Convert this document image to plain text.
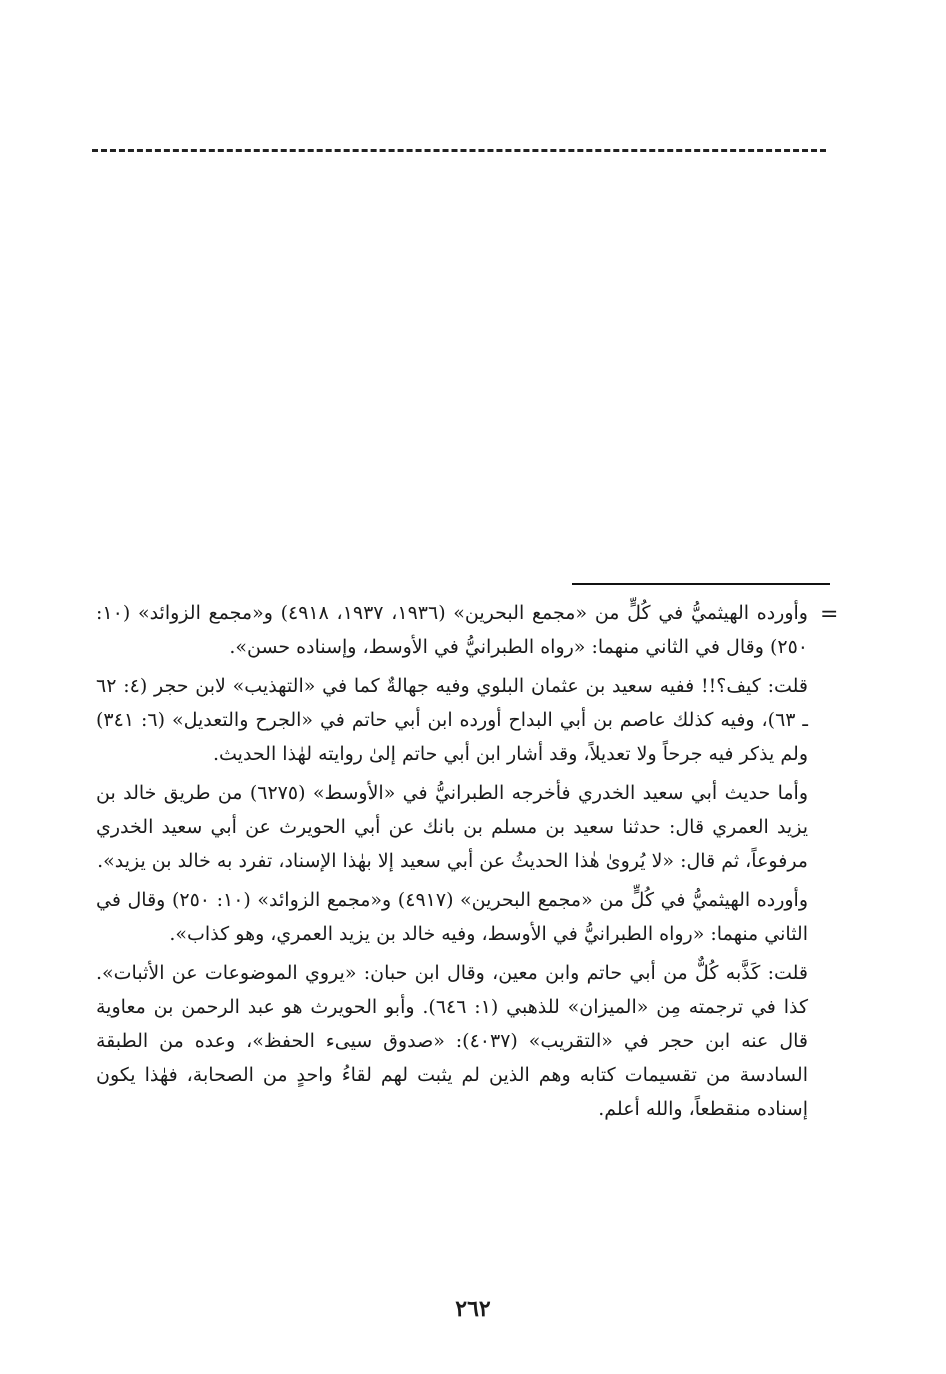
=

وأورده الهيثميُّ في كُلٍّ من «مجمع البحرين» (١٩٣٦، ١٩٣٧، ٤٩١٨) و«مجمع الزوائد» (١٠: ٢٥٠) وقال في الثاني منهما: «رواه الطبرانيُّ في الأوسط، وإسناده حسن».

قلت: كيف؟!! ففيه سعيد بن عثمان البلوي وفيه جهالةٌ كما في «التهذيب» لابن حجر (٤: ٦٢ ـ ٦٣)، وفيه كذلك عاصم بن أبي البداح أورده ابن أبي حاتم في «الجرح والتعديل» (٦: ٣٤١) ولم يذكر فيه جرحاً ولا تعديلاً، وقد أشار ابن أبي حاتم إلىٰ روايته لهٰذا الحديث.

وأما حديث أبي سعيد الخدري فأخرجه الطبرانيُّ في «الأوسط» (٦٢٧٥) من طريق خالد بن يزيد العمري قال: حدثنا سعيد بن مسلم بن بانك عن أبي الحويرث عن أبي سعيد الخدري مرفوعاً، ثم قال: «لا يُروىٰ هٰذا الحديثُ عن أبي سعيد إلا بهٰذا الإسناد، تفرد به خالد بن يزيد».

وأورده الهيثميُّ في كُلٍّ من «مجمع البحرين» (٤٩١٧) و«مجمع الزوائد» (١٠: ٢٥٠) وقال في الثاني منهما: «رواه الطبرانيُّ في الأوسط، وفيه خالد بن يزيد العمري، وهو كذاب».

قلت: كَذَّبه كُلٌّ من أبي حاتم وابن معين، وقال ابن حبان: «يروي الموضوعات عن الأثبات». كذا في ترجمته مِن «الميزان» للذهبي (١: ٦٤٦). وأبو الحويرث هو عبد الرحمن بن معاوية قال عنه ابن حجر في «التقريب» (٤٠٣٧): «صدوق سيىء الحفظ»، وعده من الطبقة السادسة من تقسيمات كتابه وهم الذين لم يثبت لهم لقاءُ واحدٍ من الصحابة، فهٰذا يكون إسناده منقطعاً، والله أعلم.

٢٦٢
